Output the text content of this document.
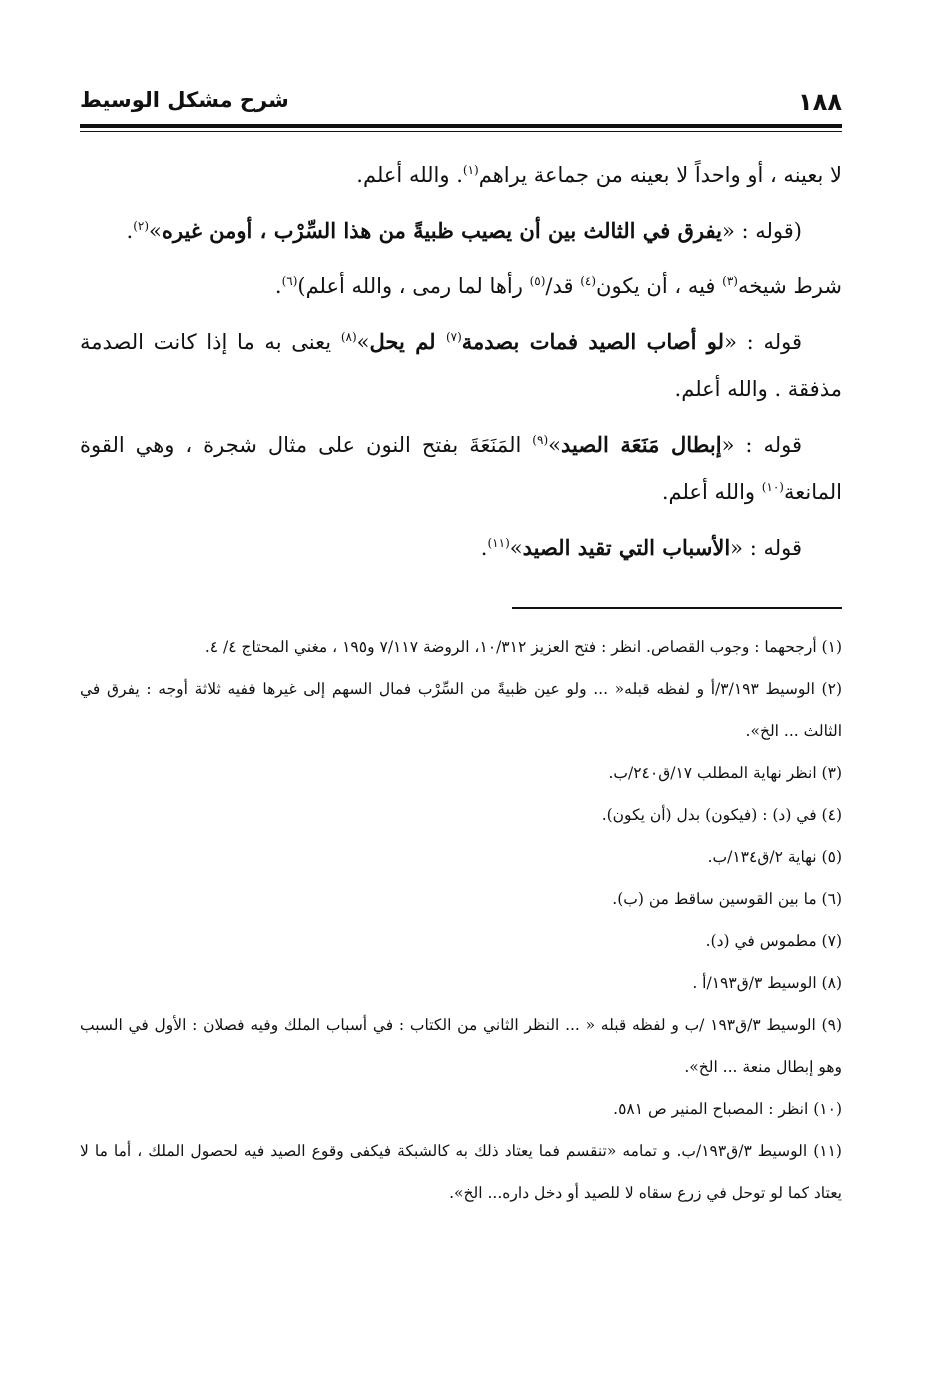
١٨٨
شرح مشكل الوسيط

لا بعينه ، أو واحداً لا بعينه من جماعة يراهم$^{(١)}$. والله أعلم.

(قوله : «يفرق في الثالث بين أن يصيب ظبيةً من هذا السِّرْب ، أومن غيره»$^{(٢)}$.

شرط شيخه$^{(٣)}$ فيه ، أن يكون$^{(٤)}$ قد/$^{(٥)}$ رأها لما رمى ، والله أعلم)$^{(٦)}$.

قوله : «لو أصاب الصيد فمات بصدمة$^{(٧)}$ لم يحل»$^{(٨)}$ يعنى به ما إذا كانت الصدمة مذفقة . والله أعلم.

قوله : «إبطال مَنَعَة الصيد»$^{(٩)}$ المَنَعَةَ بفتح النون على مثال شجرة ، وهي القوة المانعة$^{(١٠)}$ والله أعلم.

قوله : «الأسباب التي تقيد الصيد»$^{(١١)}$.

(١) أرجحهما : وجوب القصاص. انظر : فتح العزيز ١٠/٣١٢، الروضة ٧/١١٧ و١٩٥ ، مغني المحتاج ٤/ ٤.

(٢) الوسيط ٣/١٩٣/أ و لفظه قبله« ... ولو عين ظبيةً من السِّرْب فمال السهم إلى غيرها ففيه ثلاثة أوجه : يفرق في الثالث ... الخ».

(٣) انظر نهاية المطلب ١٧/ق٢٤٠/ب.

(٤) في (د) : (فيكون) بدل (أن يكون).

(٥) نهاية ٢/ق١٣٤/ب.

(٦) ما بين القوسين ساقط من (ب).

(٧) مطموس في (د).

(٨) الوسيط ٣/ق١٩٣/أ .

(٩) الوسيط ٣/ق١٩٣ /ب و لفظه قبله « ... النظر الثاني من الكتاب : في أسباب الملك وفيه فصلان : الأول في السبب وهو إبطال منعة ... الخ».

(١٠) انظر : المصباح المنير ص ٥٨١.

(١١) الوسيط ٣/ق١٩٣/ب. و تمامه «تنقسم فما يعتاد ذلك به كالشبكة فيكفى وقوع الصيد فيه لحصول الملك ، أما ما لا يعتاد كما لو توحل في زرع سقاه لا للصيد أو دخل داره... الخ».
